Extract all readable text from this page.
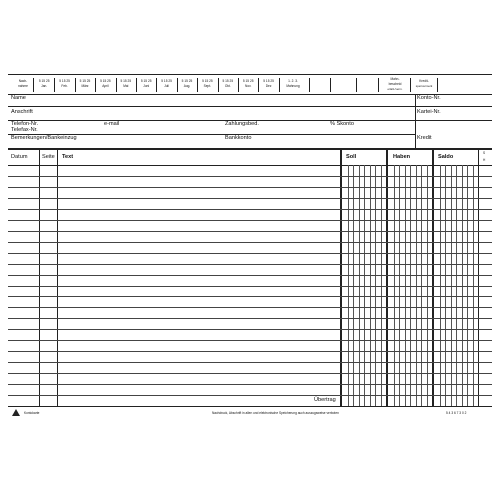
Nach-
nahme
5 15 25
Jan.
5 15 25
Feb.
5 15 25
März
5 15 25
April
5 15 25
Mai
5 15 25
Juni
5 15 25
Juli
5 15 25
Aug.
5 15 25
Sept.
5 15 25
Okt.
5 15 25
Nov.
5 15 25
Dez
1. 2. 3.
Mahnung
Mahn-
bescheid
erlaß./verm.
Kredit-
sperrvermerk
Name	Konto-Nr.
Anschrift	Kartei-Nr.
Telefon-Nr.
Telefax-Nr.
e-mail	Zahlungsbed.	% Skonto
Bemerkungen/Bankeinzug	Bankkonto	Kredit
Datum	Seite Text	Soll	Haben	Saldo
S
H
Übertrag
Kontokarte	Nachdruck, Abschrift in allen und elektronische Speicherung auch auszugsweise verboten	5 4 3 6 7 3 0 2
